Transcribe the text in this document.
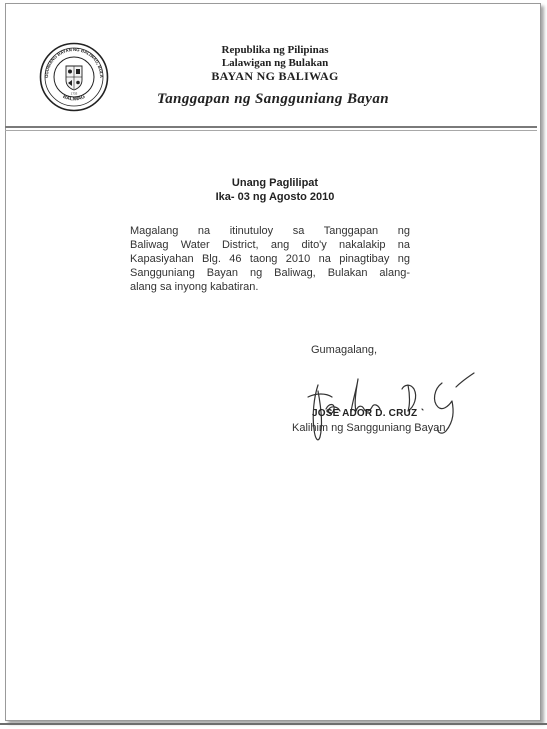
GGUNIANG BAYAN NG BALIWAG, BULA
BALIWAG
1733
Republika ng Pilipinas
Lalawigan ng Bulakan
BAYAN NG BALIWAG
Tanggapan ng Sangguniang Bayan
Unang Paglilipat
Ika- 03 ng Agosto 2010
Magalang na itinutuloy sa Tanggapan ng
Baliwag Water District, ang dito'y nakalakip na
Kapasiyahan Blg. 46 taong 2010 na pinagtibay ng
Sangguniang Bayan ng Baliwag, Bulakan alang-
alang sa inyong kabatiran.
Gumagalang,
JOSE ADOR D. CRUZ
Kalihim ng Sangguniang Bayan
